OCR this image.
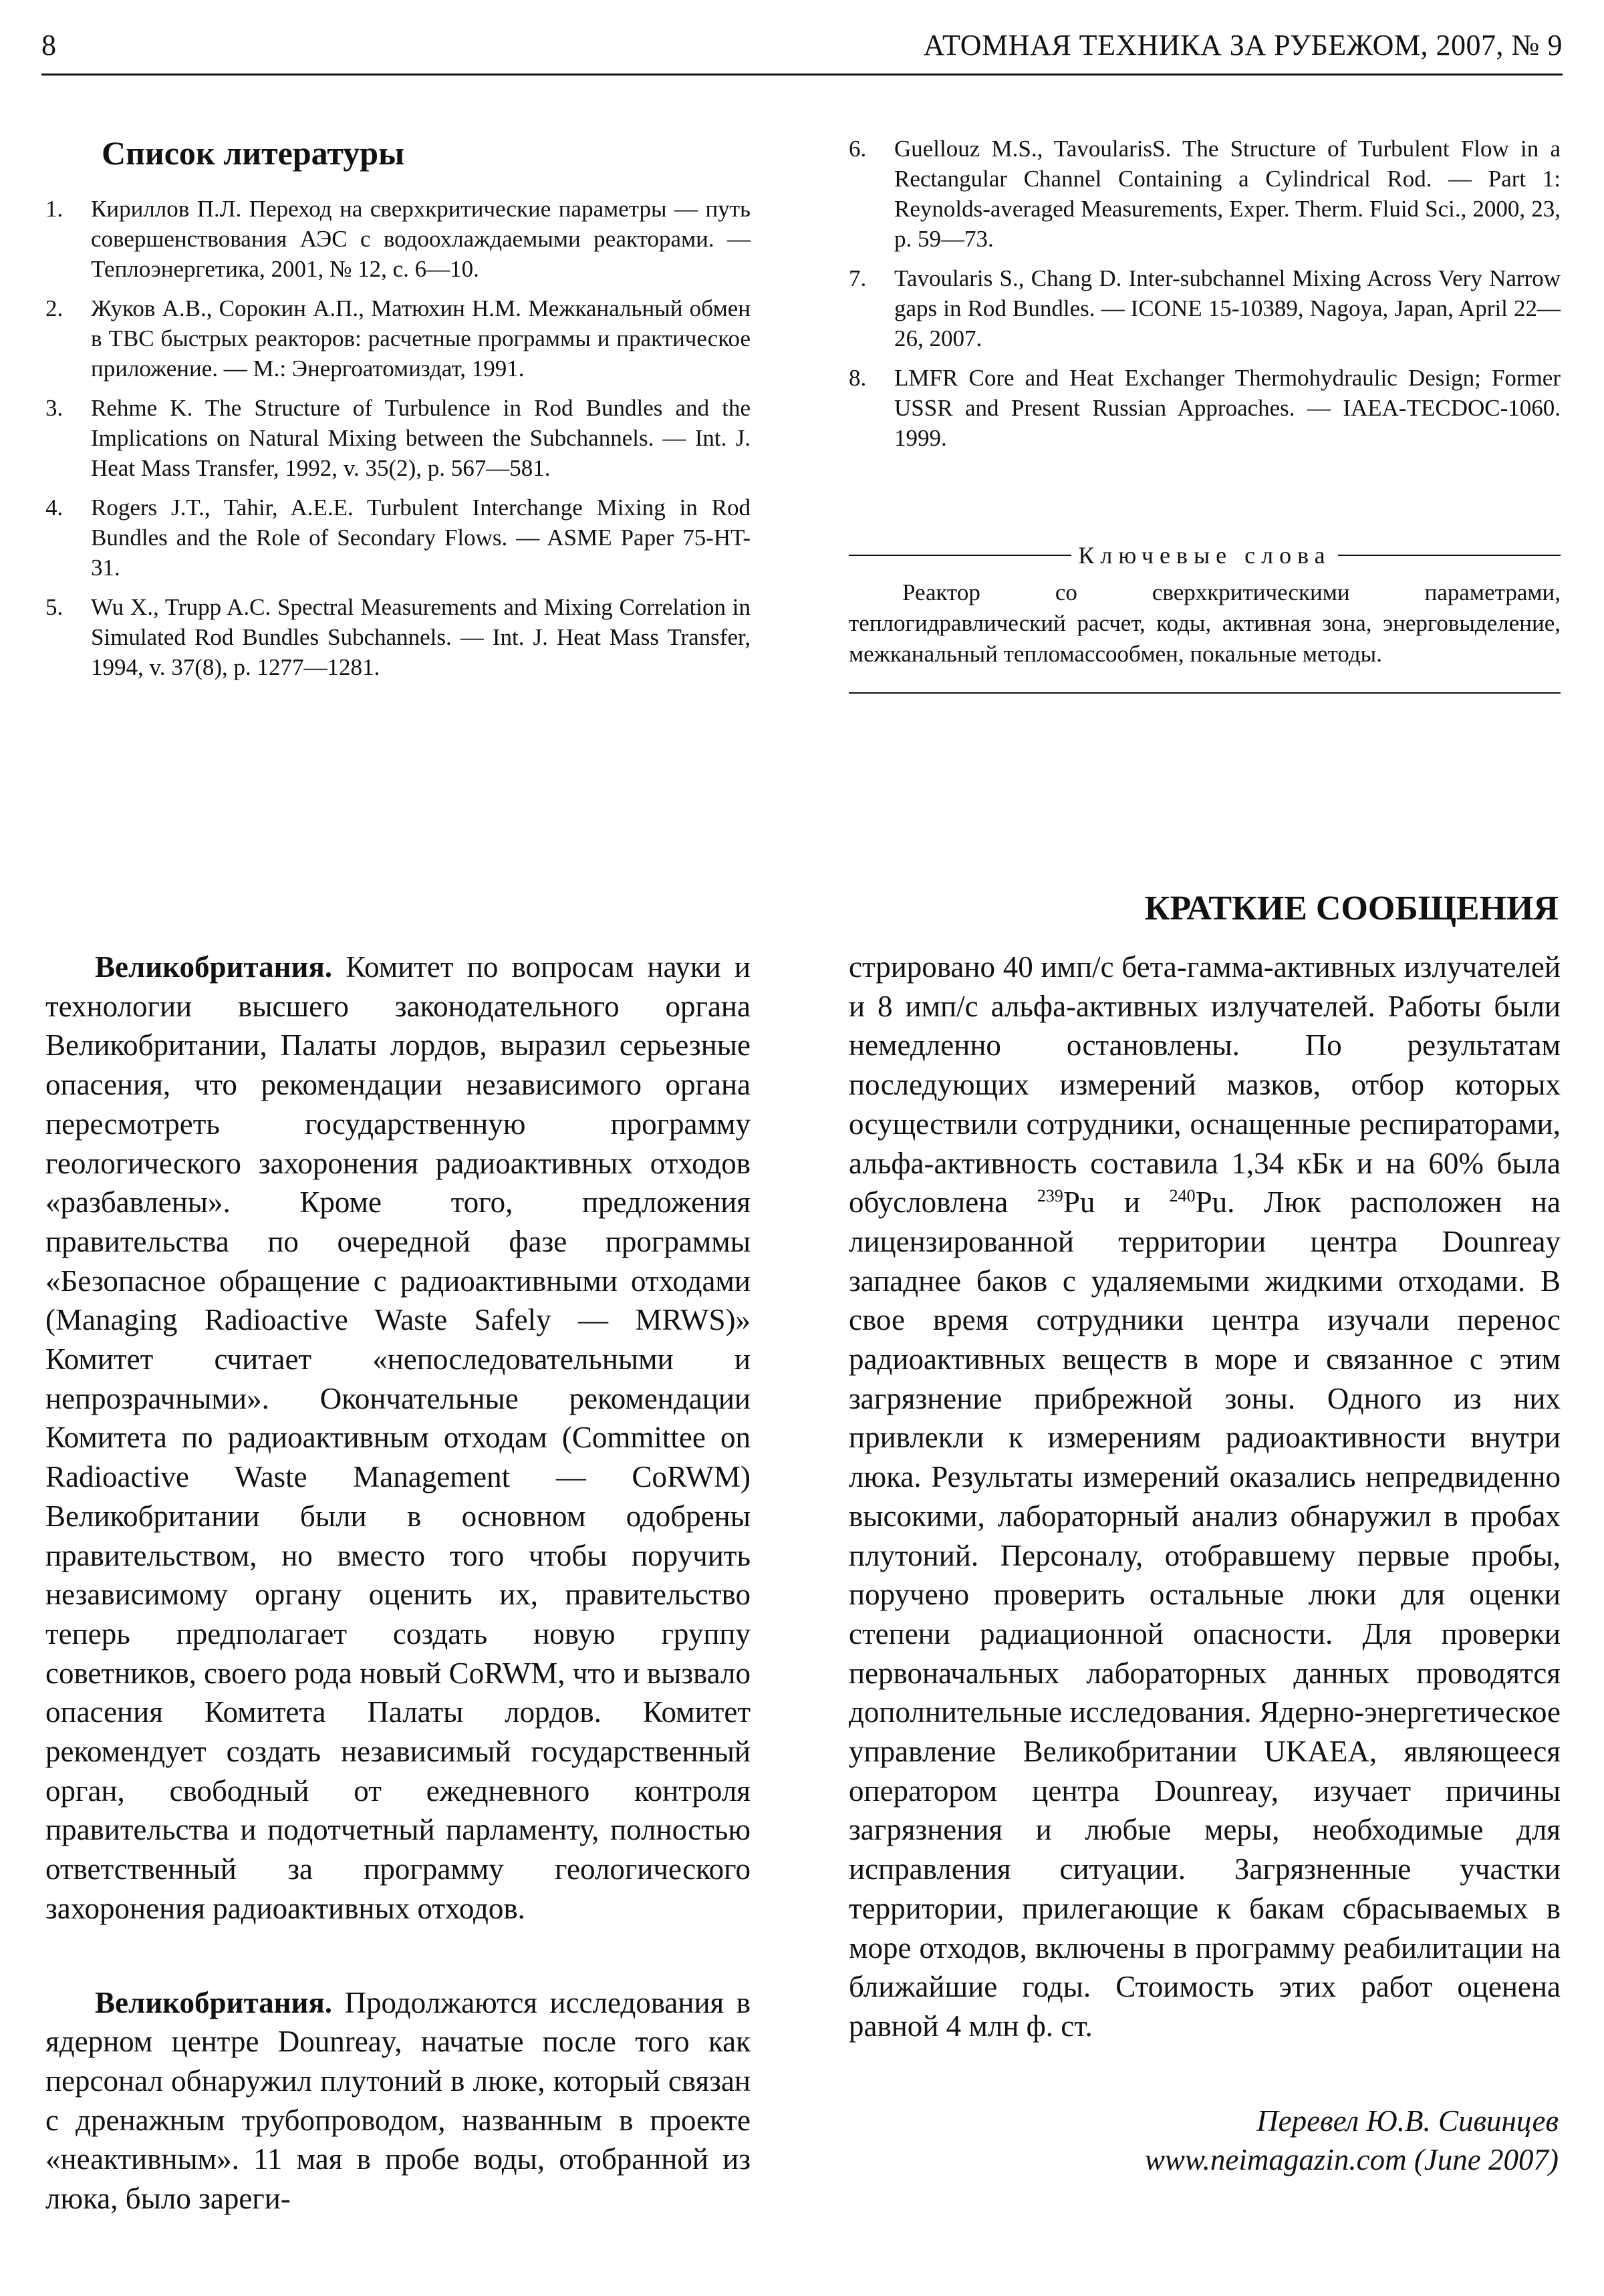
8	АТОМНАЯ ТЕХНИКА ЗА РУБЕЖОМ, 2007, № 9
Список литературы
1. Кириллов П.Л. Переход на сверхкритические параметры — путь совершенствования АЭС с водоохлаждаемыми реакторами. — Теплоэнергетика, 2001, № 12, с. 6—10.
2. Жуков А.В., Сорокин А.П., Матюхин Н.М. Межканальный обмен в ТВС быстрых реакторов: расчетные программы и практическое приложение. — М.: Энергоатомиздат, 1991.
3. Rehme K. The Structure of Turbulence in Rod Bundles and the Implications on Natural Mixing between the Subchannels. — Int. J. Heat Mass Transfer, 1992, v. 35(2), p. 567—581.
4. Rogers J.T., Tahir, A.E.E. Turbulent Interchange Mixing in Rod Bundles and the Role of Secondary Flows. — ASME Paper 75-HT-31.
5. Wu X., Trupp A.C. Spectral Measurements and Mixing Correlation in Simulated Rod Bundles Subchannels. — Int. J. Heat Mass Transfer, 1994, v. 37(8), p. 1277—1281.
6. Guellouz M.S., TavoularisS. The Structure of Turbulent Flow in a Rectangular Channel Containing a Cylindrical Rod. — Part 1: Reynolds-averaged Measurements, Exper. Therm. Fluid Sci., 2000, 23, p. 59—73.
7. Tavoularis S., Chang D. Inter-subchannel Mixing Across Very Narrow gaps in Rod Bundles. — ICONE 15-10389, Nagoya, Japan, April 22—26, 2007.
8. LMFR Core and Heat Exchanger Thermohydraulic Design; Former USSR and Present Russian Approaches. — IAEA-TECDOC-1060. 1999.
Ключевые слова
Реактор со сверхкритическими параметрами, теплогидравлический расчет, коды, активная зона, энерговыделение, межканальный тепломассообмен, покальные методы.
КРАТКИЕ СООБЩЕНИЯ

Великобритания. Комитет по вопросам науки и технологии высшего законодательного органа Великобритании, Палаты лордов, выразил серьезные опасения, что рекомендации независимого органа пересмотреть государственную программу геологического захоронения радиоактивных отходов «разбавлены». Кроме того, предложения правительства по очередной фазе программы «Безопасное обращение с радиоактивными отходами (Managing Radioactive Waste Safely — MRWS)» Комитет считает «непоследовательными и непрозрачными». Окончательные рекомендации Комитета по радиоактивным отходам (Committee on Radioactive Waste Management — CoRWM) Великобритании были в основном одобрены правительством, но вместо того чтобы поручить независимому органу оценить их, правительство теперь предполагает создать новую группу советников, своего рода новый CoRWM, что и вызвало опасения Комитета Палаты лордов. Комитет рекомендует создать независимый государственный орган, свободный от ежедневного контроля правительства и подотчетный парламенту, полностью ответственный за программу геологического захоронения радиоактивных отходов.

Великобритания. Продолжаются исследования в ядерном центре Dounreay, начатые после того как персонал обнаружил плутоний в люке, который связан с дренажным трубопроводом, названным в проекте «неактивным». 11 мая в пробе воды, отобранной из люка, было зареги-

стрировано 40 имп/с бета-гамма-активных излучателей и 8 имп/с альфа-активных излучателей. Работы были немедленно остановлены. По результатам последующих измерений мазков, отбор которых осуществили сотрудники, оснащенные респираторами, альфа-активность составила 1,34 кБк и на 60% была обусловлена $^{239}$Pu и $^{240}$Pu. Люк расположен на лицензированной территории центра Dounreay западнее баков с удаляемыми жидкими отходами. В свое время сотрудники центра изучали перенос радиоактивных веществ в море и связанное с этим загрязнение прибрежной зоны. Одного из них привлекли к измерениям радиоактивности внутри люка. Результаты измерений оказались непредвиденно высокими, лабораторный анализ обнаружил в пробах плутоний. Персоналу, отобравшему первые пробы, поручено проверить остальные люки для оценки степени радиационной опасности. Для проверки первоначальных лабораторных данных проводятся дополнительные исследования. Ядерно-энергетическое управление Великобритании UKAEA, являющееся оператором центра Dounreay, изучает причины загрязнения и любые меры, необходимые для исправления ситуации. Загрязненные участки территории, прилегающие к бакам сбрасываемых в море отходов, включены в программу реабилитации на ближайшие годы. Стоимость этих работ оценена равной 4 млн ф. ст.

Перевел Ю.В. Сивинцев
www.neimagazin.com (June 2007)
